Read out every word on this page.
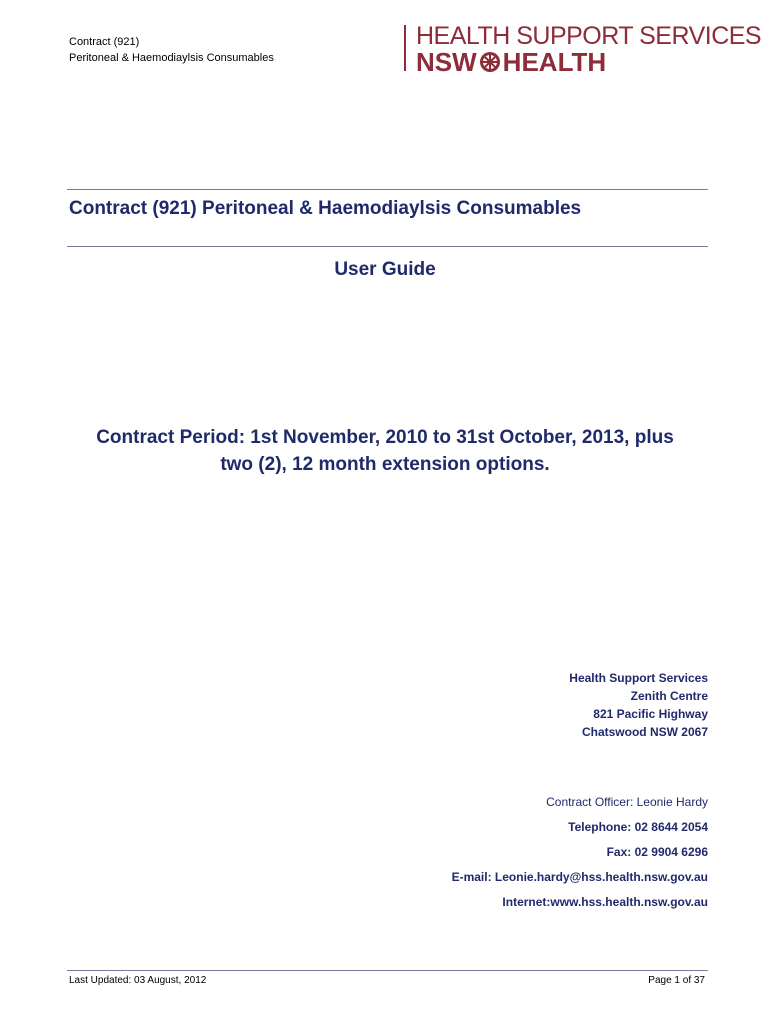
Contract (921)
Peritoneal & Haemodiaylsis Consumables
HEALTH SUPPORT SERVICES
NSW HEALTH
Contract (921) Peritoneal & Haemodiaylsis Consumables
User Guide
Contract Period: 1st November, 2010 to 31st October, 2013, plus
two (2), 12 month extension options.
Health Support Services
Zenith Centre
821 Pacific Highway
Chatswood NSW 2067
Contract Officer: Leonie Hardy
Telephone: 02 8644 2054
Fax: 02 9904 6296
E-mail: Leonie.hardy@hss.health.nsw.gov.au
Internet:www.hss.health.nsw.gov.au
Last Updated: 03 August, 2012	Page 1 of 37
